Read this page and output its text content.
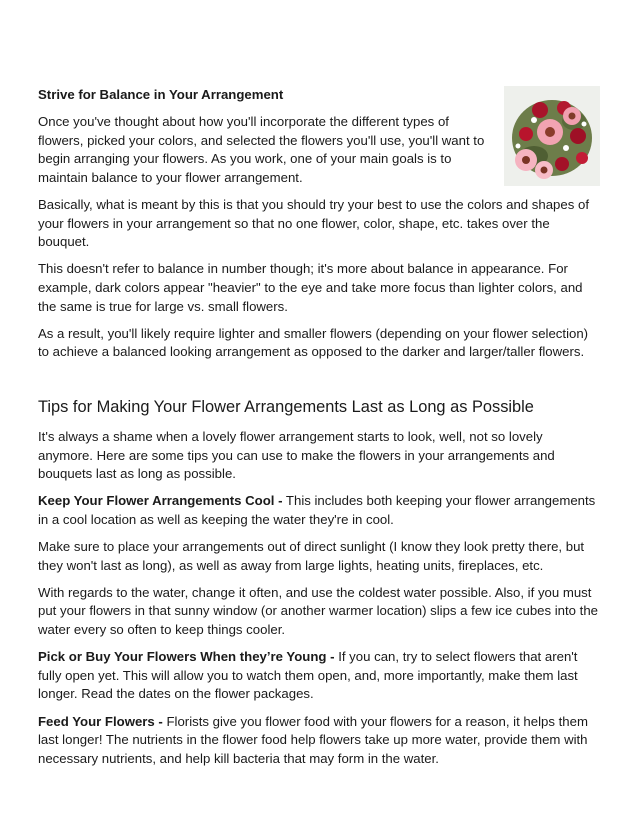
Strive for Balance in Your Arrangement

Once you've thought about how you'll incorporate the different types of flowers, picked your colors, and selected the flowers you'll use, you'll want to begin arranging your flowers. As you work, one of your main goals is to maintain balance to your flower arrangement.

Basically, what is meant by this is that you should try your best to use the colors and shapes of your flowers in your arrangement so that no one flower, color, shape, etc. takes over the bouquet.

This doesn't refer to balance in number though; it's more about balance in appearance. For example, dark colors appear "heavier" to the eye and take more focus than lighter colors, and the same is true for large vs. small flowers.

As a result, you'll likely require lighter and smaller flowers (depending on your flower selection) to achieve a balanced looking arrangement as opposed to the darker and larger/taller flowers.

Tips for Making Your Flower Arrangements Last as Long as Possible

It's always a shame when a lovely flower arrangement starts to look, well, not so lovely anymore. Here are some tips you can use to make the flowers in your arrangements and bouquets last as long as possible.

Keep Your Flower Arrangements Cool - This includes both keeping your flower arrangements in a cool location as well as keeping the water they're in cool.

Make sure to place your arrangements out of direct sunlight (I know they look pretty there, but they won't last as long), as well as away from large lights, heating units, fireplaces, etc.

With regards to the water, change it often, and use the coldest water possible. Also, if you must put your flowers in that sunny window (or another warmer location) slips a few ice cubes into the water every so often to keep things cooler.

Pick or Buy Your Flowers When they’re Young - If you can, try to select flowers that aren't fully open yet. This will allow you to watch them open, and, more importantly, make them last longer. Read the dates on the flower packages.

Feed Your Flowers - Florists give you flower food with your flowers for a reason, it helps them last longer! The nutrients in the flower food help flowers take up more water, provide them with necessary nutrients, and help kill bacteria that may form in the water.
